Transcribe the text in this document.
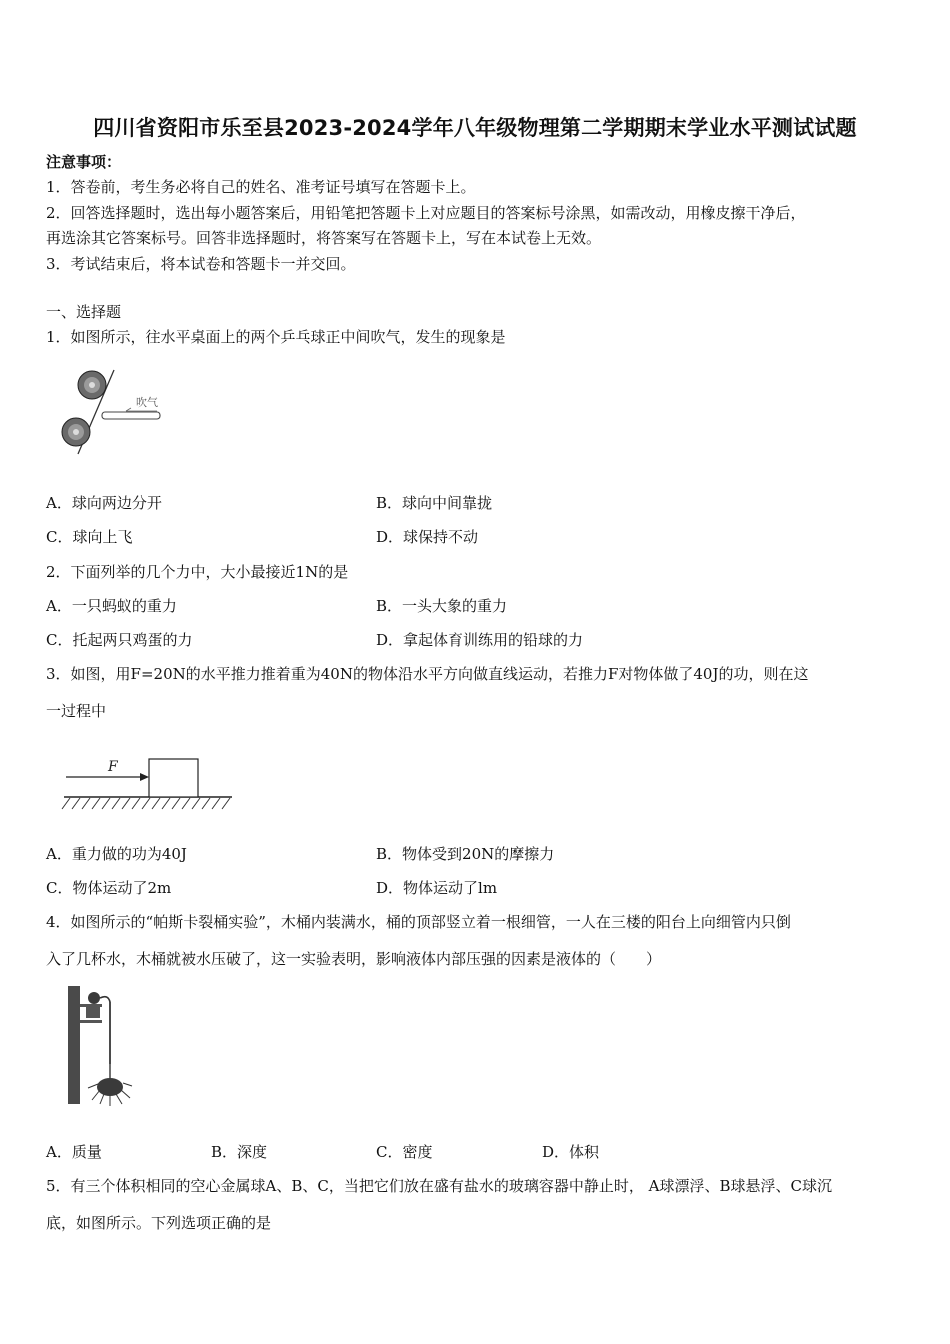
四川省资阳市乐至县2023-2024学年八年级物理第二学期期末学业水平测试试题
注意事项：
1．答卷前，考生务必将自己的姓名、准考证号填写在答题卡上。
2．回答选择题时，选出每小题答案后，用铅笔把答题卡上对应题目的答案标号涂黑，如需改动，用橡皮擦干净后，
再选涂其它答案标号。回答非选择题时，将答案写在答题卡上，写在本试卷上无效。
3．考试结束后，将本试卷和答题卡一并交回。
一、选择题
1．如图所示，往水平桌面上的两个乒乓球正中间吹气，发生的现象是
吹气
A．球向两边分开	B．球向中间靠拢
C．球向上飞	D．球保持不动
2．下面列举的几个力中，大小最接近1N的是
A．一只蚂蚁的重力	B．一头大象的重力
C．托起两只鸡蛋的力	D．拿起体育训练用的铅球的力
3．如图，用F=20N的水平推力推着重为40N的物体沿水平方向做直线运动，若推力F对物体做了40J的功，则在这
一过程中
F
A．重力做的功为40J	B．物体受到20N的摩擦力
C．物体运动了2m	D．物体运动了lm
4．如图所示的“帕斯卡裂桶实验”，木桶内装满水，桶的顶部竖立着一根细管，一人在三楼的阳台上向细管内只倒
入了几杯水，木桶就被水压破了，这一实验表明，影响液体内部压强的因素是液体的（　　）
A．质量	B．深度	C．密度	D．体积
5．有三个体积相同的空心金属球A、B、C，当把它们放在盛有盐水的玻璃容器中静止时， A球漂浮、B球悬浮、C球沉
底，如图所示。下列选项正确的是
